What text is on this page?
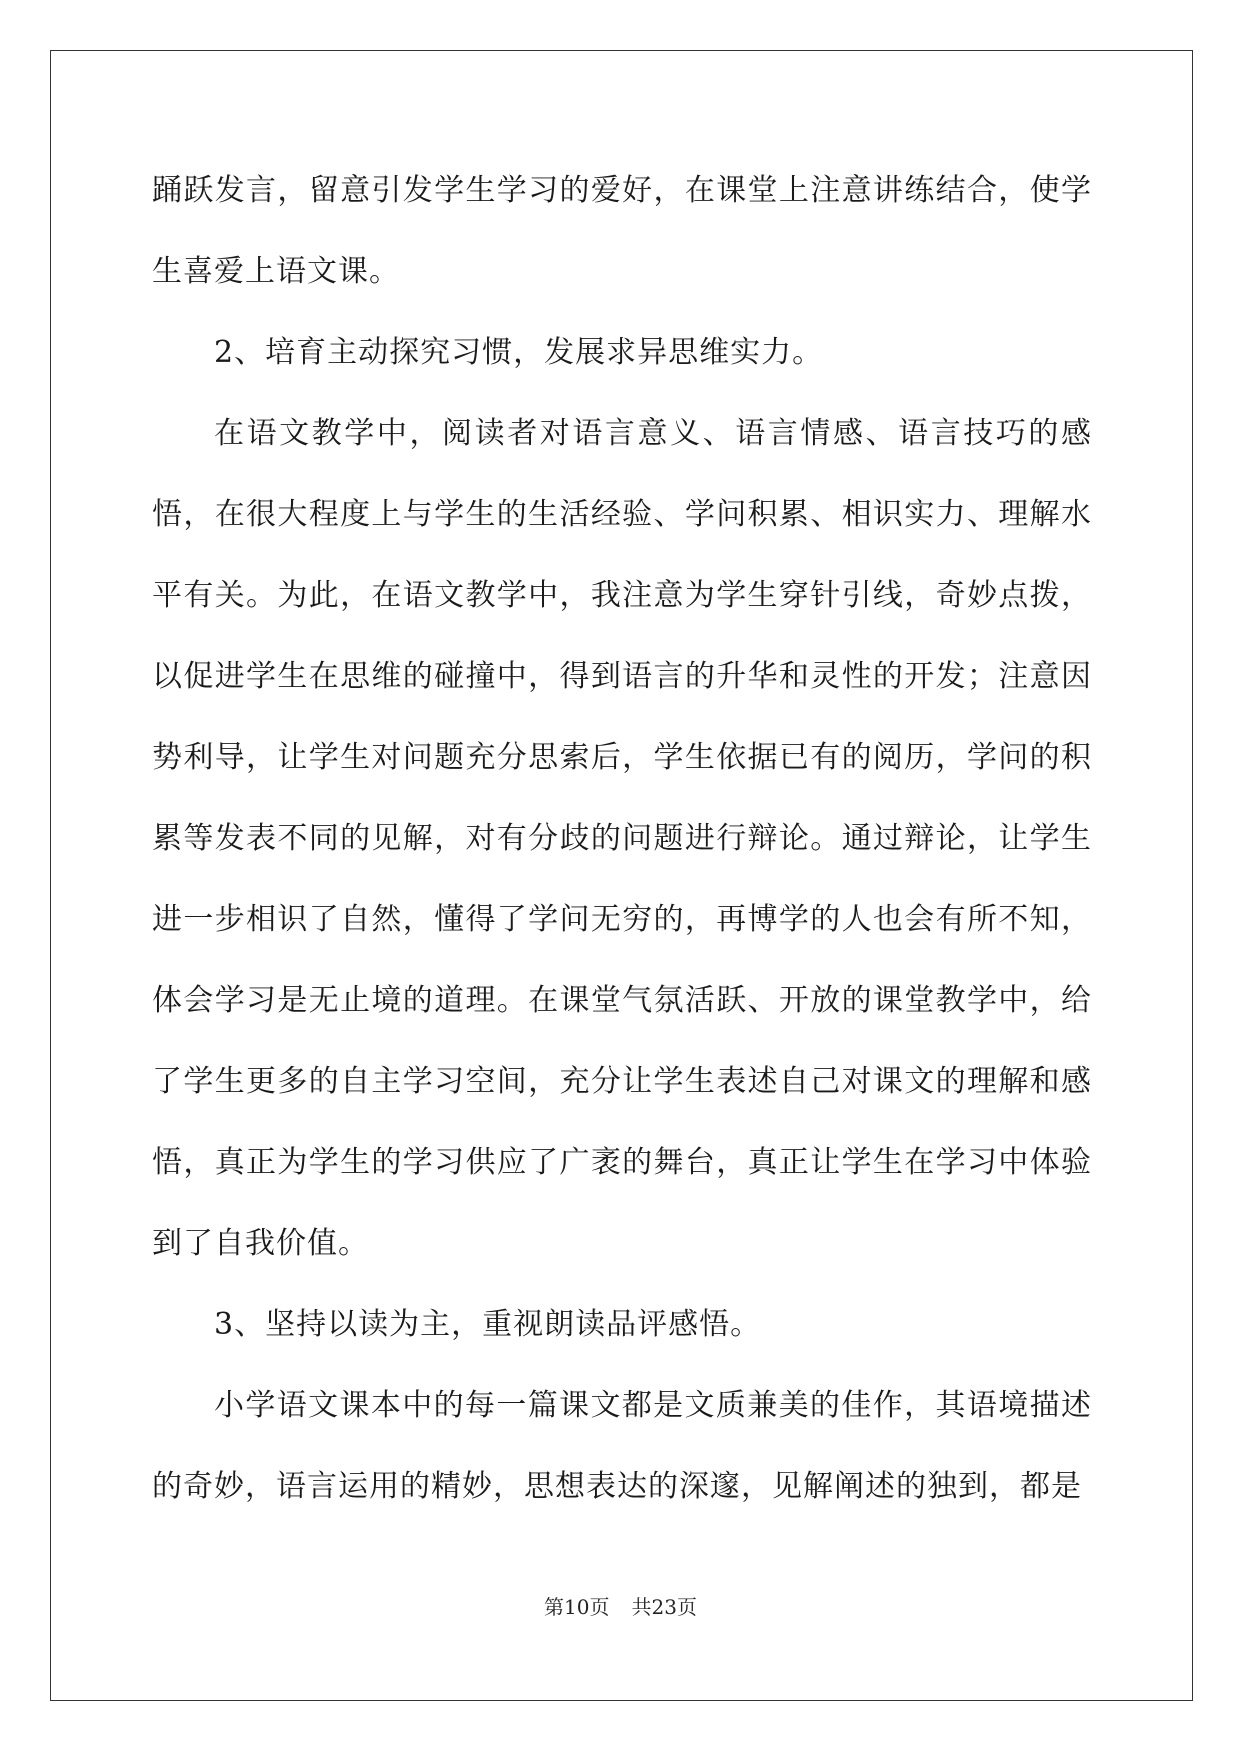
踊跃发言，留意引发学生学习的爱好，在课堂上注意讲练结合，使学生喜爱上语文课。

2、培育主动探究习惯，发展求异思维实力。

在语文教学中，阅读者对语言意义、语言情感、语言技巧的感悟，在很大程度上与学生的生活经验、学问积累、相识实力、理解水平有关。为此，在语文教学中，我注意为学生穿针引线，奇妙点拨，以促进学生在思维的碰撞中，得到语言的升华和灵性的开发；注意因势利导，让学生对问题充分思索后，学生依据已有的阅历，学问的积累等发表不同的见解，对有分歧的问题进行辩论。通过辩论，让学生进一步相识了自然，懂得了学问无穷的，再博学的人也会有所不知，体会学习是无止境的道理。在课堂气氛活跃、开放的课堂教学中，给了学生更多的自主学习空间，充分让学生表述自己对课文的理解和感悟，真正为学生的学习供应了广袤的舞台，真正让学生在学习中体验到了自我价值。

3、坚持以读为主，重视朗读品评感悟。

小学语文课本中的每一篇课文都是文质兼美的佳作，其语境描述的奇妙，语言运用的精妙，思想表达的深邃，见解阐述的独到，都是

第10页 共23页
